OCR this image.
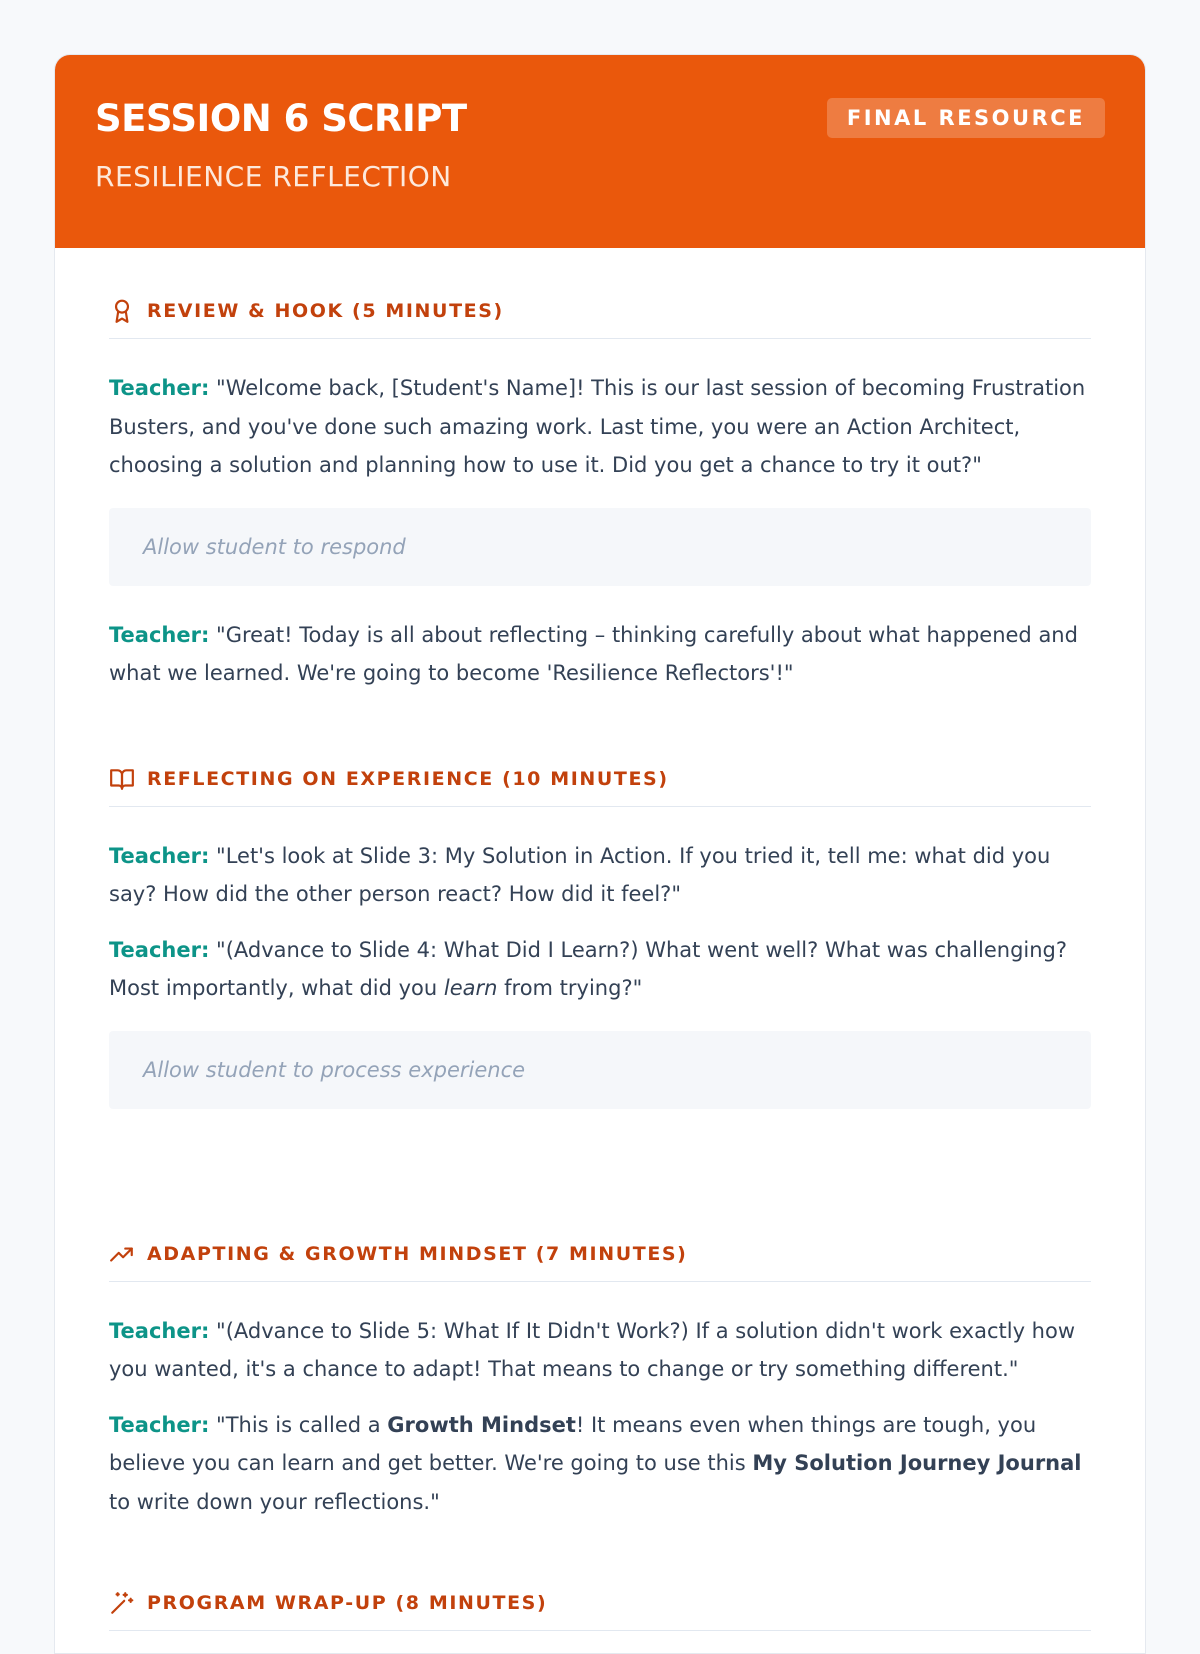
SESSION 6 SCRIPT
RESILIENCE REFLECTION
FINAL RESOURCE
REVIEW & HOOK (5 MINUTES)

Teacher: "Welcome back, [Student's Name]! This is our last session of becoming Frustration Busters, and you've done such amazing work. Last time, you were an Action Architect, choosing a solution and planning how to use it. Did you get a chance to try it out?"

Allow student to respond

Teacher: "Great! Today is all about reflecting – thinking carefully about what happened and what we learned. We're going to become 'Resilience Reflectors'!"

REFLECTING ON EXPERIENCE (10 MINUTES)

Teacher: "Let's look at Slide 3: My Solution in Action. If you tried it, tell me: what did you say? How did the other person react? How did it feel?"

Teacher: "(Advance to Slide 4: What Did I Learn?) What went well? What was challenging? Most importantly, what did you learn from trying?"

Allow student to process experience
ADAPTING & GROWTH MINDSET (7 MINUTES)

Teacher: "(Advance to Slide 5: What If It Didn't Work?) If a solution didn't work exactly how you wanted, it's a chance to adapt! That means to change or try something different."

Teacher: "This is called a Growth Mindset! It means even when things are tough, you believe you can learn and get better. We're going to use this My Solution Journey Journal to write down your reflections."

PROGRAM WRAP-UP (8 MINUTES)
